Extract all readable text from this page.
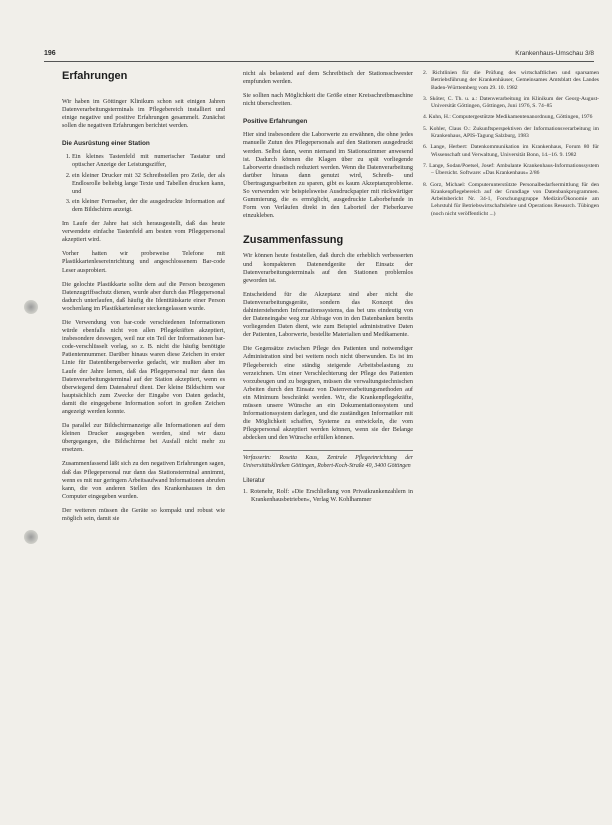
196	Krankenhaus-Umschau 3/8
Erfahrungen

Wir haben im Göttinger Klinikum schon seit einigen Jahren Datenverarbeitungsterminals im Pflegebereich installiert und einige negative und positive Erfahrungen gesammelt. Zunächst sollen die negativen Erfahrungen berichtet werden.

Die Ausrüstung einer Station
1. Ein kleines Tastenfeld mit numerischer Tastatur und optischer Anzeige der Leistungsziffer,
2. ein kleiner Drucker mit 32 Schreibstellen pro Zeile, der als Endlosrolle beliebig lange Texte und Tabellen drucken kann, und
3. ein kleiner Fernseher, der die ausgedruckte Information auf dem Bildschirm anzeigt.

Im Laufe der Jahre hat sich herausgestellt, daß das heute verwendete einfache Tastenfeld am besten vom Pflegepersonal akzeptiert wird.

Vorher hatten wir probeweise Telefone mit Plastikkartenlesereinrichtung und angeschlossenem Bar-code Leser ausprobiert.

Die gelochte Plastikkarte sollte dem auf die Person bezogenen Datenzugriffsschutz dienen, wurde aber durch das Pflegepersonal dadurch unterlaufen, daß häufig die Identitätskarte einer Person wochenlang im Plastikkartenleser steckengelassen wurde.

Die Verwendung von bar-code verschiedenen Informationen würde ebenfalls nicht von allen Pflegekräften akzeptiert, insbesondere deswegen, weil nur ein Teil der Informationen bar-code-verschlüsselt vorlag, so z. B. nicht die häufig benötigte Patientennummer. Darüber hinaus waren diese Zeichen in erster Linie für Datenübergeberwerke gedacht, wir mußten aber im Laufe der Jahre lernen, daß das Pflegepersonal nur dann das Datenverarbeitungsterminal auf der Station akzeptiert, wenn es überwiegend dem Datenabruf dient. Der kleine Bildschirm war hauptsächlich zum Zwecke der Eingabe von Daten gedacht, damit die eingegebene Information sofort in großen Zeichen angezeigt werden konnte.

Da parallel zur Bildschirmanzeige alle Informationen auf dem kleinen Drucker ausgegeben werden, sind wir dazu übergegangen, die Bildschirme bei Ausfall nicht mehr zu ersetzen.

Zusammenfassend läßt sich zu den negativen Erfahrungen sagen, daß das Pflegepersonal nur dann das Stationsterminal annimmt, wenn es mit nur geringem Arbeitsaufwand Informationen abrufen kann, die von anderen Stellen des Krankenhauses in den Computer eingegeben wurden.

Der weiteren müssen die Geräte so kompakt und robust wie möglich sein, damit sie

nicht als belastend auf dem Schreibtisch der Stationsschwester empfunden werden.

Sie sollten nach Möglichkeit die Größe einer Kreisschreibmaschine nicht überschreiten.

Positive Erfahrungen

Hier sind insbesondere die Laborwerte zu erwähnen, die ohne jedes manuelle Zutun des Pflegepersonals auf den Stationen ausgedruckt werden. Selbst dann, wenn niemand im Stationszimmer anwesend ist. Dadurch können die Klagen über zu spät vorliegende Laborwerte drastisch reduziert werden. Wenn die Datenverarbeitung darüber hinaus dann genutzt wird, Schreib- und Übertragungsarbeiten zu sparen, gibt es kaum Akzeptanzprobleme. So verwenden wir beispielsweise Ausdruckpapier mit rückwärtiger Gummierung, die es ermöglicht, ausgedruckte Laborbefunde in Form von Verläufen direkt in den Laborteil der Fieberkurve einzukleben.

Zusammenfassung

Wir können heute feststellen, daß durch die erheblich verbesserten und kompakteren Datenendgeräte der Einsatz der Datenverarbeitungsterminals auf den Stationen problemlos geworden ist.

Entscheidend für die Akzeptanz sind aber nicht die Datenverarbeitungsgeräte, sondern das Konzept des dahinterstehenden Informationssystems, das bei uns eindeutig von der Dateneingabe weg zur Abfrage von in den Datenbanken bereits vorliegenden Daten dient, wie zum Beispiel administrative Daten der Patienten, Laborwerte, bestellte Materialien und Medikamente.

Die Gegensätze zwischen Pflege des Patienten und notwendiger Administration sind bei weitem noch nicht überwunden. Es ist im Pflegebereich eine ständig steigende Arbeitsbelastung zu verzeichnen. Um einer Verschlechterung der Pflege des Patienten vorzubeugen und zu begegnen, müssen die verwaltungstechnischen Arbeiten durch den Einsatz von Datenverarbeitungsmethoden auf ein Minimum beschränkt werden. Wir, die Krankenpflegekräfte, müssen unsere Wünsche an ein Dokumentationssystem und Informationssystem darlegen, und die zuständigen Informatiker mit die Möglichkeit schaffen, Systeme zu entwickeln, die vom Pflegepersonal akzeptiert werden können, wenn sie der Belange abdecken und den Wünsche erfüllen können.

Verfasserin: Rosetta Kaus, Zentrale Pflegeeinrichtung der Universitätskliniken Göttingen, Robert-Koch-Straße 40, 3400 Göttingen
Literatur

1. Rotenehr, Rolf: »Die Erschließung von Privatkrankenzahlern in Krankenhausbetrieben«, Verlag W. Kohlhammer

2. Richtlinien für die Prüfung des wirtschaftlichen und sparsamen Betriebsführung der Krankenhäuser, Gemeinsames Amtsblatt des Landes Baden-Württemberg vom 29. 10. 1982

3. Sköter, C. Th. u. a.: Datenverarbeitung im Klinikum der Georg-August-Universität Göttingen, Göttingen, Juni 1976, S. 74–85

4. Kuhn, H.: Computergestützte Medikamentenanordnung, Göttingen, 1976

5. Kohler, Claus O.: Zukunftsperspektiven der Informationsverarbeitung im Krankenhaus, APIS-Tagung Salzburg, 1983

6. Lange, Herbert: Datenkommunikation im Krankenhaus, Forum 80 für Wissenschaft und Verwaltung, Universität Bonn, 14.–16. 9. 1982

7. Lange, Sodan/Poetsel, Josef: Ambulante Krankenhaus-Informationssystem – Übersicht. Software: »Das Krankenhaus« 2/86

8. Gorz, Michael: Computerunterstützte Personalbedarfsermittlung für den Krankenpflegebereich auf der Grundlage von Datenbankprogrammen. Arbeitsbericht Nr. 34-1, Forschungsgruppe Medizin/Ökonomie am Lehrstuhl für Betriebswirtschaftslehre und Operations Research. Tübingen (noch nicht veröffentlicht ...)
